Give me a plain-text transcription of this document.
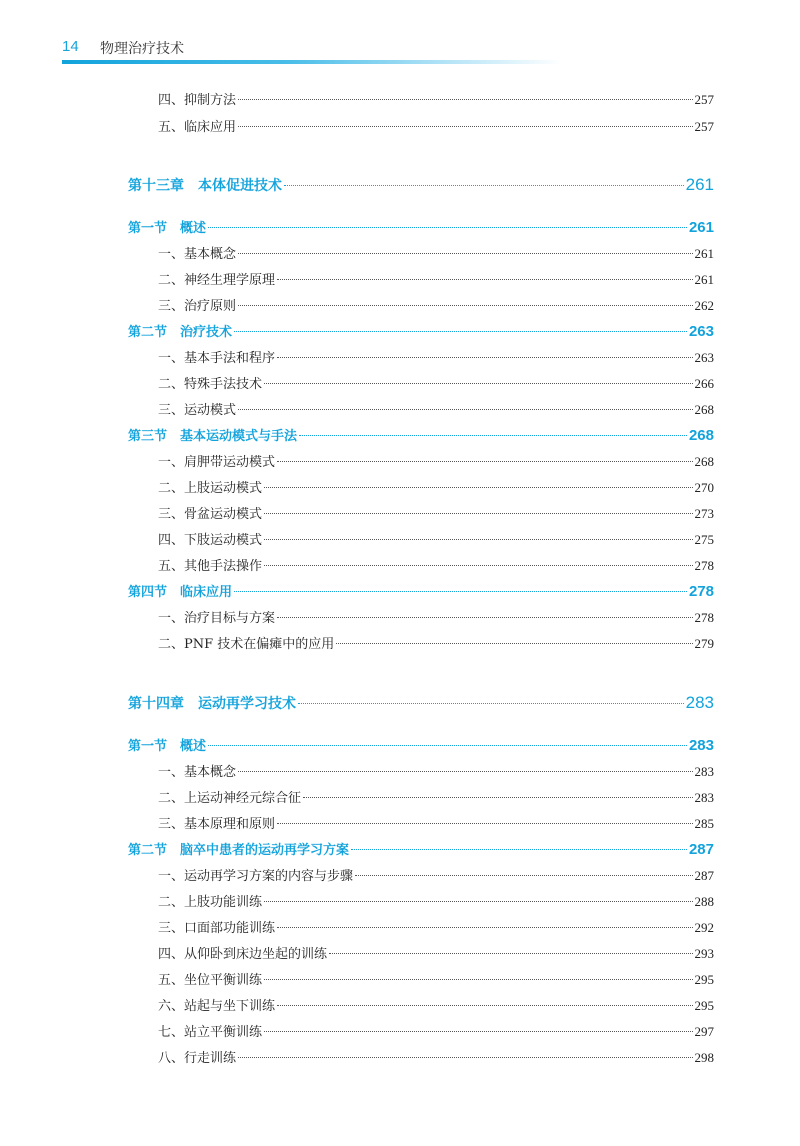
14 物理治疗技术
四、抑制方法	257
五、临床应用	257
第十三章　本体促进技术	261
第一节　概述	261
一、基本概念	261
二、神经生理学原理	261
三、治疗原则	262
第二节　治疗技术	263
一、基本手法和程序	263
二、特殊手法技术	266
三、运动模式	268
第三节　基本运动模式与手法	268
一、肩胛带运动模式	268
二、上肢运动模式	270
三、骨盆运动模式	273
四、下肢运动模式	275
五、其他手法操作	278
第四节　临床应用	278
一、治疗目标与方案	278
二、PNF 技术在偏瘫中的应用	279
第十四章　运动再学习技术	283
第一节　概述	283
一、基本概念	283
二、上运动神经元综合征	283
三、基本原理和原则	285
第二节　脑卒中患者的运动再学习方案	287
一、运动再学习方案的内容与步骤	287
二、上肢功能训练	288
三、口面部功能训练	292
四、从仰卧到床边坐起的训练	293
五、坐位平衡训练	295
六、站起与坐下训练	295
七、站立平衡训练	297
八、行走训练	298
